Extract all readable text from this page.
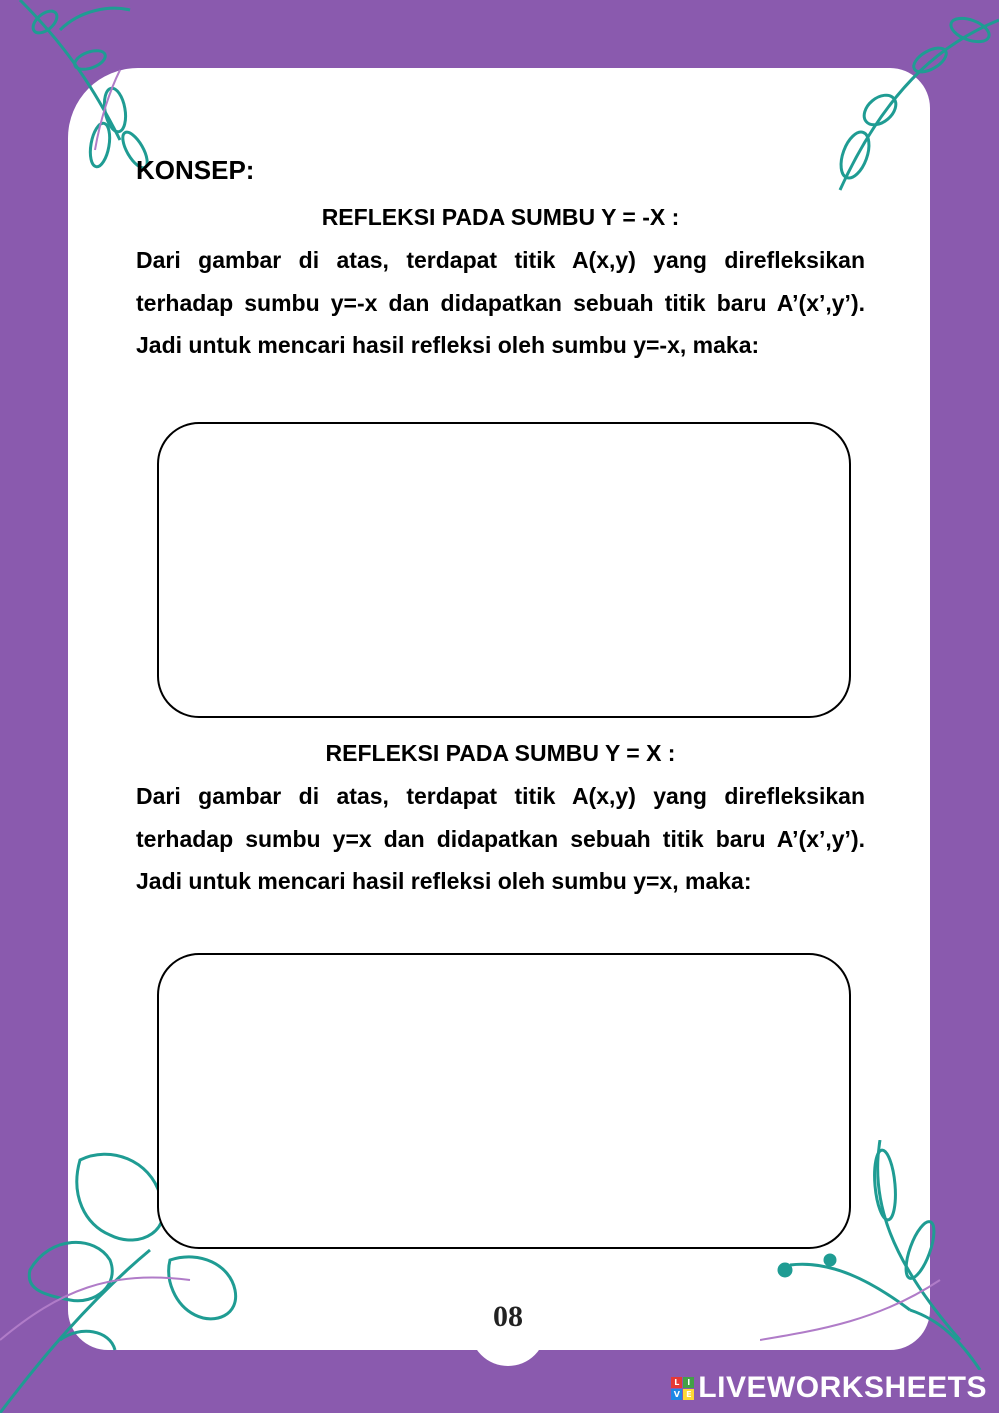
KONSEP:
REFLEKSI PADA SUMBU Y = -X :
Dari gambar di atas, terdapat titik A(x,y) yang direfleksikan terhadap sumbu y=-x dan didapatkan sebuah titik baru A’(x’,y’). Jadi untuk mencari hasil refleksi oleh sumbu y=-x, maka:
REFLEKSI PADA SUMBU Y = X :
Dari gambar di atas, terdapat titik A(x,y) yang direfleksikan terhadap sumbu y=x dan didapatkan sebuah titik baru A’(x’,y’). Jadi untuk mencari hasil refleksi oleh sumbu y=x, maka:
08
L I
V E LIVEWORKSHEETS
